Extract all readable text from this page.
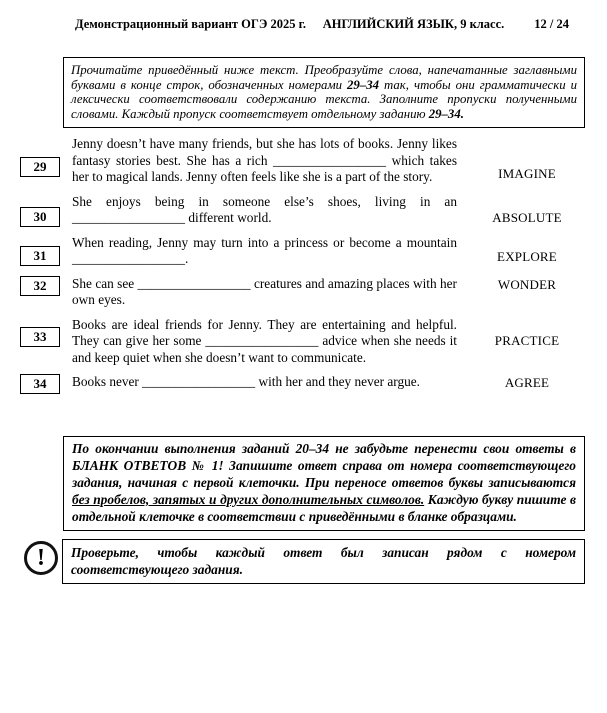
Демонстрационный вариант ОГЭ 2025 г. АНГЛИЙСКИЙ ЯЗЫК, 9 класс. 12 / 24
Прочитайте приведённый ниже текст. Преобразуйте слова, напечатанные заглавными буквами в конце строк, обозначенных номерами 29–34 так, чтобы они грамматически и лексически соответствовали содержанию текста. Заполните пропуски полученными словами. Каждый пропуск соответствует отдельному заданию 29–34.
29

Jenny doesn’t have many friends, but she has lots of books. Jenny likes fantasy stories best. She has a rich _________________ which takes her to magical lands. Jenny often feels like she is a part of the story.	IMAGINE
30

She enjoys being in someone else’s shoes, living in an _________________ different world.	ABSOLUTE
31

When reading, Jenny may turn into a princess or become a mountain _________________.	EXPLORE
32 She can see _________________ creatures and amazing places with her own eyes.

WONDER
33

Books are ideal friends for Jenny. They are entertaining and helpful. They can give her some _________________ advice when she needs it and keep quiet when she doesn’t want to communicate.

PRACTICE
34 Books never _________________ with her and they never argue.	AGREE
По окончании выполнения заданий 20–34 не забудьте перенести свои ответы в БЛАНК ОТВЕТОВ № 1! Запишите ответ справа от номера соответствующего задания, начиная с первой клеточки. При переносе ответов буквы записываются без пробелов, запятых и других дополнительных символов. Каждую букву пишите в отдельной клеточке в соответствии с приведёнными в бланке образцами.
!	Проверьте, чтобы каждый ответ был записан рядом с номером соответствующего задания.
